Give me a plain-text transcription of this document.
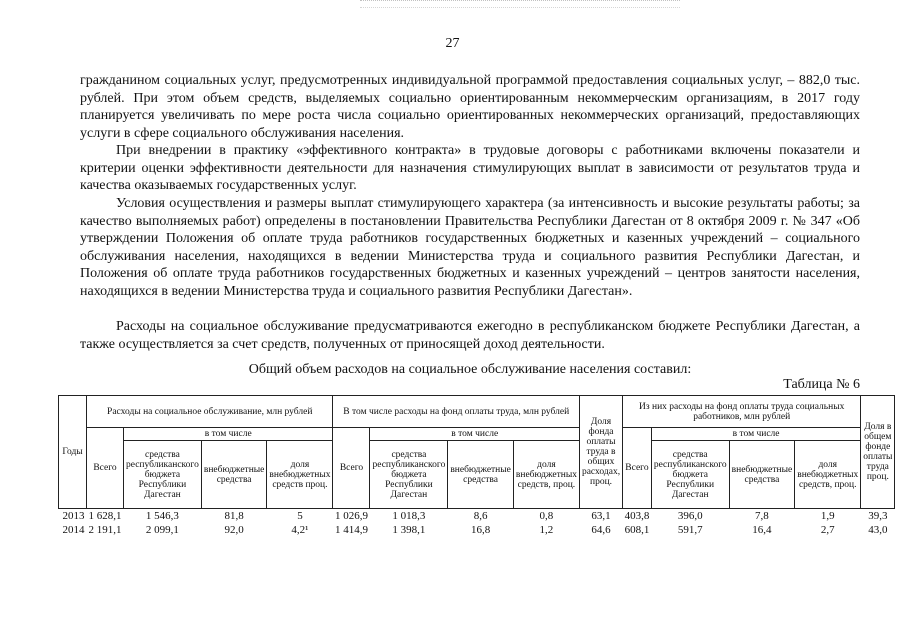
27

гражданином социальных услуг, предусмотренных индивидуальной программой предоставления социальных услуг, – 882,0 тыс. рублей. При этом объем средств, выделяемых социально ориентированным некоммерческим организациям, в 2017 году планируется увеличивать по мере роста числа социально ориентированных некоммерческих организаций, предоставляющих услуги в сфере социального обслуживания населения.

При внедрении в практику «эффективного контракта» в трудовые договоры с работниками включены показатели и критерии оценки эффективности деятельности для назначения стимулирующих выплат в зависимости от результатов труда и качества оказываемых государственных услуг.

Условия осуществления и размеры выплат стимулирующего характера (за интенсивность и высокие результаты работы; за качество выполняемых работ) определены в постановлении Правительства Республики Дагестан от 8 октября 2009 г. № 347 «Об утверждении Положения об оплате труда работников государственных бюджетных и казенных учреждений – социального обслуживания населения, находящихся в ведении Министерства труда и социального развития Республики Дагестан, и Положения об оплате труда работников государственных бюджетных и казенных учреждений – центров занятости населения, находящихся в ведении Министерства труда и социального развития Республики Дагестан».

Расходы на социальное обслуживание предусматриваются ежегодно в республиканском бюджете Республики Дагестан, а также осуществляется за счет средств, полученных от приносящей доход деятельности.

Общий объем расходов на социальное обслуживание населения составил:
Таблица № 6
Годы	Расходы на социальное обслуживание, млн рублей				В том числе расходы на фонд оплаты труда, млн рублей				Доля фонда оплаты труда в общих расходах, проц.	Из них расходы на фонд оплаты труда социальных работников, млн рублей				Доля в общем фонде оплаты труда проц.
	Всего	в том числе			Всего	в том числе				Всего	в том числе			
		средства республиканского бюджета Республики Дагестан	внебюджетные средства	доля внебюджетных средств проц.		средства республиканского бюджета Республики Дагестан	внебюджетные средства	доля внебюджетных средств, проц.			средства республиканского бюджета Республики Дагестан	внебюджетные средства	доля внебюджетных средств, проц.	
2013	1 628,1	1 546,3	81,8	5	1 026,9	1 018,3	8,6	0,8	63,1	403,8	396,0	7,8	1,9	39,3
2014	2 191,1	2 099,1	92,0	4,2¹	1 414,9	1 398,1	16,8	1,2	64,6	608,1	591,7	16,4	2,7	43,0
